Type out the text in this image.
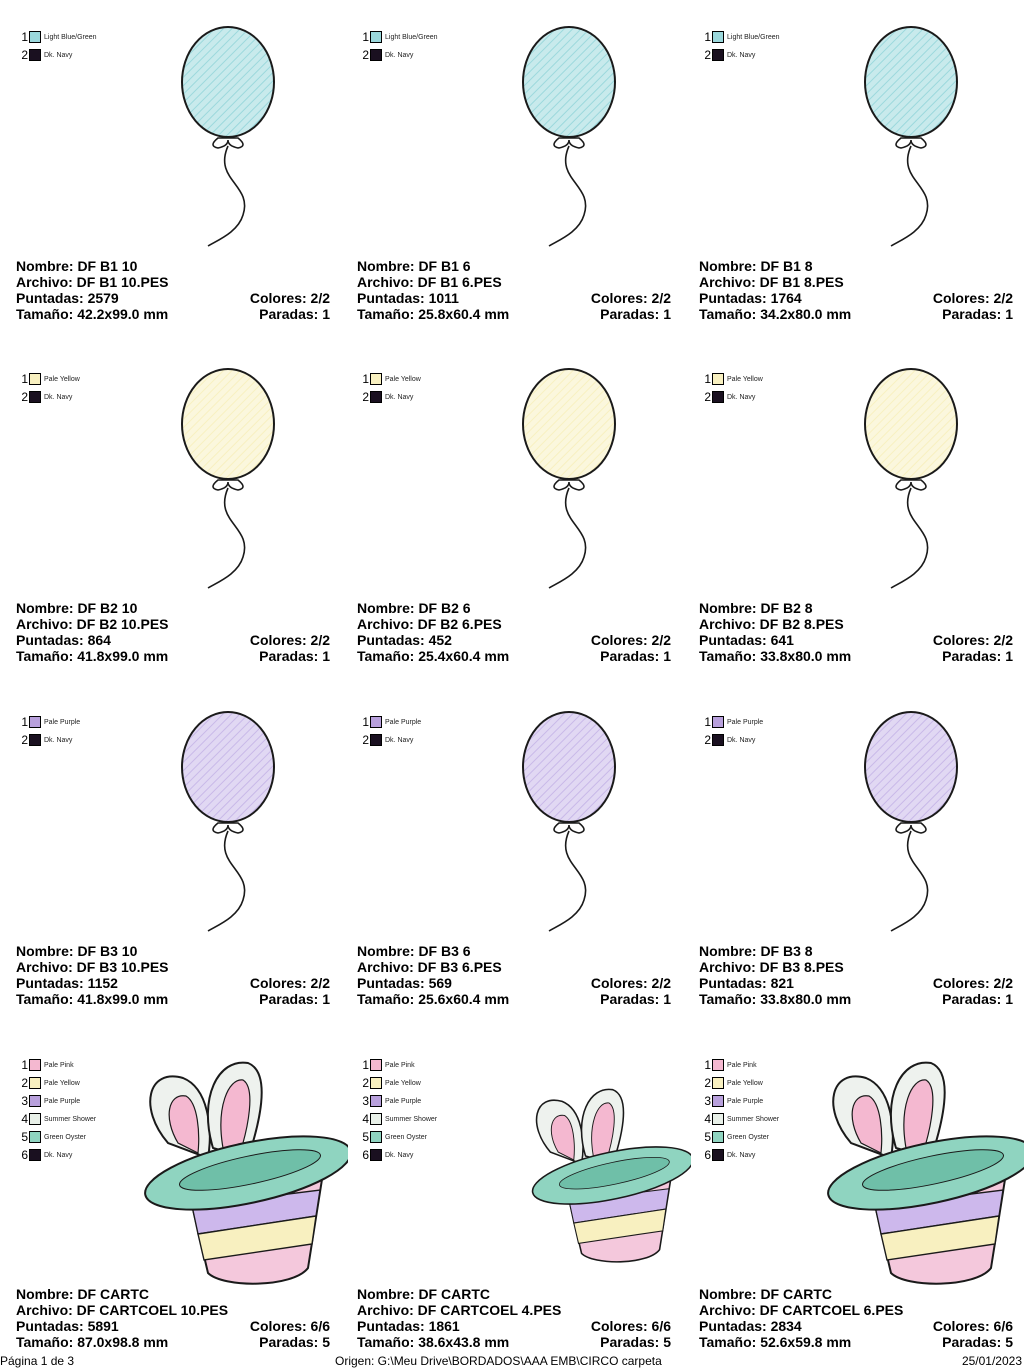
1 Light Blue/Green
2 Dk. Navy
Nombre: DF B1 10
Archivo: DF B1 10.PES
Puntadas: 2579	Colores: 2/2
Tamaño: 42.2x99.0 mm	Paradas: 1
1 Light Blue/Green
2 Dk. Navy
Nombre: DF B1 6
Archivo: DF B1 6.PES
Puntadas: 1011	Colores: 2/2
Tamaño: 25.8x60.4 mm	Paradas: 1
1 Light Blue/Green
2 Dk. Navy
Nombre: DF B1 8
Archivo: DF B1 8.PES
Puntadas: 1764	Colores: 2/2
Tamaño: 34.2x80.0 mm	Paradas: 1
1 Pale Yellow
2 Dk. Navy
Nombre: DF B2 10
Archivo: DF B2 10.PES
Puntadas: 864	Colores: 2/2
Tamaño: 41.8x99.0 mm	Paradas: 1
1 Pale Yellow
2 Dk. Navy
Nombre: DF B2 6
Archivo: DF B2 6.PES
Puntadas: 452	Colores: 2/2
Tamaño: 25.4x60.4 mm	Paradas: 1
1 Pale Yellow
2 Dk. Navy
Nombre: DF B2 8
Archivo: DF B2 8.PES
Puntadas: 641	Colores: 2/2
Tamaño: 33.8x80.0 mm	Paradas: 1
1 Pale Purple
2 Dk. Navy
Nombre: DF B3 10
Archivo: DF B3 10.PES
Puntadas: 1152	Colores: 2/2
Tamaño: 41.8x99.0 mm	Paradas: 1
1 Pale Purple
2 Dk. Navy
Nombre: DF B3 6
Archivo: DF B3 6.PES
Puntadas: 569	Colores: 2/2
Tamaño: 25.6x60.4 mm	Paradas: 1
1 Pale Purple
2 Dk. Navy
Nombre: DF B3 8
Archivo: DF B3 8.PES
Puntadas: 821	Colores: 2/2
Tamaño: 33.8x80.0 mm	Paradas: 1
1 Pale Pink
2 Pale Yellow
3 Pale Purple
4 Summer Shower
5 Green Oyster
6 Dk. Navy
Nombre: DF CARTC
Archivo: DF CARTCOEL 10.PES
Puntadas: 5891	Colores: 6/6
Tamaño: 87.0x98.8 mm	Paradas: 5
1 Pale Pink
2 Pale Yellow
3 Pale Purple
4 Summer Shower
5 Green Oyster
6 Dk. Navy
Nombre: DF CARTC
Archivo: DF CARTCOEL 4.PES
Puntadas: 1861	Colores: 6/6
Tamaño: 38.6x43.8 mm	Paradas: 5
1 Pale Pink
2 Pale Yellow
3 Pale Purple
4 Summer Shower
5 Green Oyster
6 Dk. Navy
Nombre: DF CARTC
Archivo: DF CARTCOEL 6.PES
Puntadas: 2834	Colores: 6/6
Tamaño: 52.6x59.8 mm	Paradas: 5
Página 1 de 3	Origen: G:\Meu Drive\BORDADOS\AAA EMB\CIRCO carpeta	25/01/2023
